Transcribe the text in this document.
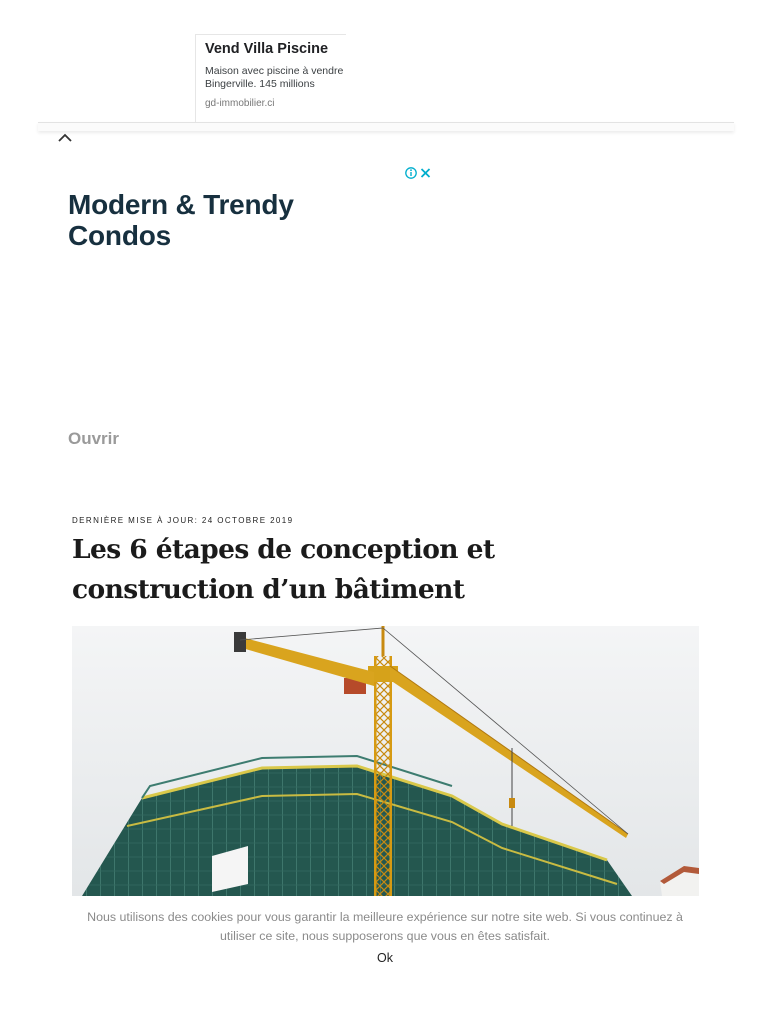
Vend Villa Piscine
Maison avec piscine à vendre Bingerville. 145 millions
gd-immobilier.ci
Modern & Trendy Condos
Ouvrir
DERNIÈRE MISE À JOUR: 24 OCTOBRE 2019
Les 6 étapes de conception et construction d’un bâtiment
Nous utilisons des cookies pour vous garantir la meilleure expérience sur notre site web. Si vous continuez à utiliser ce site, nous supposerons que vous en êtes satisfait.
Ok
